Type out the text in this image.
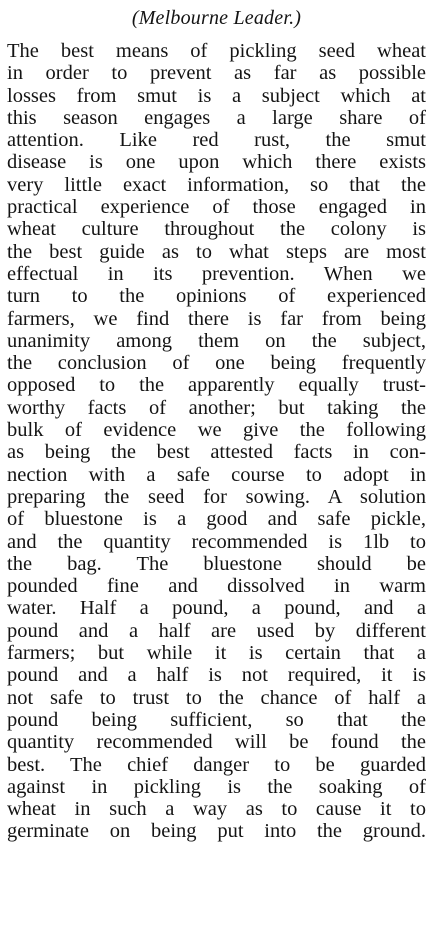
(Melbourne Leader.)
The best means of pickling seed wheat
in order to prevent as far as possible
losses from smut is a subject which at
this season engages a large share of
attention. Like red rust, the smut
disease is one upon which there exists
very little exact information, so that the
practical experience of those engaged in
wheat culture throughout the colony is
the best guide as to what steps are most
effectual in its prevention. When we
turn to the opinions of experienced
farmers, we find there is far from being
unanimity among them on the subject,
the conclusion of one being frequently
opposed to the apparently equally trust-
worthy facts of another; but taking the
bulk of evidence we give the following
as being the best attested facts in con-
nection with a safe course to adopt in
preparing the seed for sowing. A solution
of bluestone is a good and safe pickle,
and the quantity recommended is 1lb to
the bag. The bluestone should be
pounded fine and dissolved in warm
water. Half a pound, a pound, and a
pound and a half are used by different
farmers; but while it is certain that a
pound and a half is not required, it is
not safe to trust to the chance of half a
pound being sufficient, so that the
quantity recommended will be found the
best. The chief danger to be guarded
against in pickling is the soaking of
wheat in such a way as to cause it to
germinate on being put into the ground.
